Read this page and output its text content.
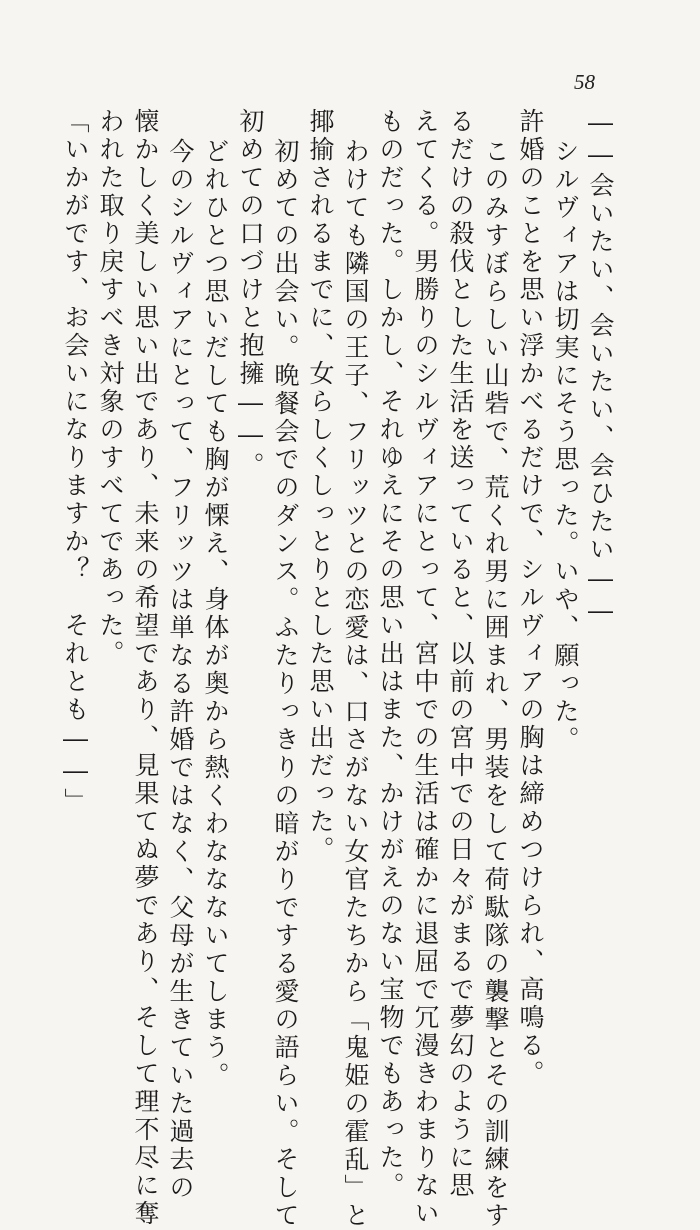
58
――会いたい、会いたい、会ひたい――
シルヴィアは切実にそう思った。いや、願った。
許婚のことを思い浮かべるだけで、シルヴィアの胸は締めつけられ、高鳴る。
このみすぼらしい山砦で、荒くれ男に囲まれ、男装をして荷駄隊の襲撃とその訓練をす
るだけの殺伐とした生活を送っていると、以前の宮中での日々がまるで夢幻のように思
えてくる。男勝りのシルヴィアにとって、宮中での生活は確かに退屈で冗漫きわまりない
ものだった。しかし、それゆえにその思い出はまた、かけがえのない宝物でもあった。
わけても隣国の王子、フリッツとの恋愛は、口さがない女官たちから「鬼姫の霍乱」と
揶揄されるまでに、女らしくしっとりとした思い出だった。
初めての出会い。晩餐会でのダンス。ふたりっきりの暗がりでする愛の語らい。そして
初めての口づけと抱擁――。
どれひとつ思いだしても胸が慄え、身体が奥から熱くわななないてしまう。
今のシルヴィアにとって、フリッツは単なる許婚ではなく、父母が生きていた過去の
懐かしく美しい思い出であり、未来の希望であり、見果てぬ夢であり、そして理不尽に奪
われた取り戻すべき対象のすべてであった。
「いかがです、お会いになりますか？　それとも――」
